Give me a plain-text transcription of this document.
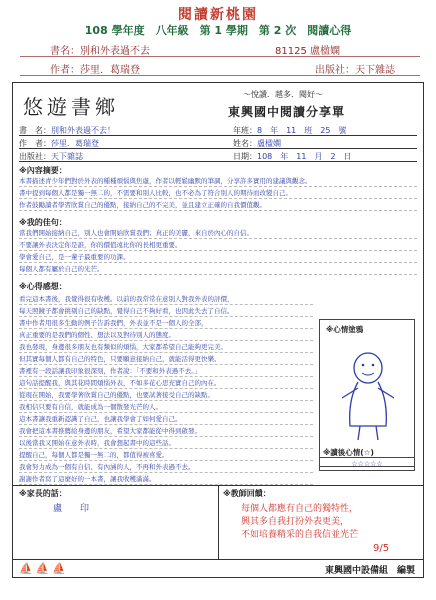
閱讀新桃園
108 學年度　八年級　第 1 學期　第 2 次　閱讀心得
書名：別和外表過不去	81125 盧楹嫻
作者：莎里．葛瑞登	出版社：天下雜誌
悠遊書鄉
～悅讀．越多．閱好～
東興國中閱讀分享單
書　名：別和外表過不去！	年班：8　年　11　班　25　號
作　者：莎里．葛瑞登	姓名：盧楹嫻
出版社：天下雜誌	日期：108　年　11　月　2　日
※內容摘要：
本書描述青少年們對於外表的種種煩惱與焦慮，作者以輕鬆幽默的筆調，分享許多實用的建議與觀念。
書中提到每個人都是獨一無二的，不需要和別人比較，也不必為了符合別人的期待而改變自己。
作者鼓勵讀者學習欣賞自己的優點，接納自己的不完美，並且建立正確的自我價值觀。
※我的佳句：
當我們開始接納自己，別人也會開始欣賞我們；真正的美麗，來自於內心的自信。
不要讓外表決定你是誰，你的價值遠比你的長相更重要。
學會愛自己，是一輩子最重要的功課。
每個人都有屬於自己的光芒。
※心得感想：
看完這本書後，我覺得很有收穫。以前的我常常在意別人對我外表的評價，
每天照鏡子都會挑剔自己的缺點，覺得自己不夠好看，也因此失去了自信。
書中作者用很多生動的例子告訴我們，外表並不是一個人的全部，
真正重要的是我們的個性、想法以及對待別人的態度。
我也發現，身邊很多朋友也有類似的煩惱，大家都希望自己能夠更完美。
但其實每個人都有自己的特色，只要願意接納自己，就能活得更快樂。
書裡有一段話讓我印象很深刻，作者說：「不要和外表過不去。」
這句話提醒我，與其花時間煩惱外表，不如多花心思充實自己的內在。
從現在開始，我要學著欣賞自己的優點，也要試著接受自己的缺點。
我相信只要有自信，就能成為一個散發光芒的人。
這本書讓我重新認識了自己，也讓我學會了如何愛自己。
我會把這本書推薦給身邊的朋友，希望大家都能從中得到啟發。
以後當我又開始在意外表時，我會想起書中的這些話。
提醒自己，每個人都是獨一無二的，都值得被喜愛。
我會努力成為一個有自信、有內涵的人，不再和外表過不去。
謝謝作者寫了這麼好的一本書，讓我收穫滿滿。
※心情塗鴉
※讀後心情(☆)
☆☆☆☆☆
※家長的話：
盧　　印
※教師回饋：
每個人都應有自己的獨特性，
興其多自我打扮外表更美，
不如培養精采的自我信並光芒
9/5
⛵⛵⛵	東興國中設備組　編製
